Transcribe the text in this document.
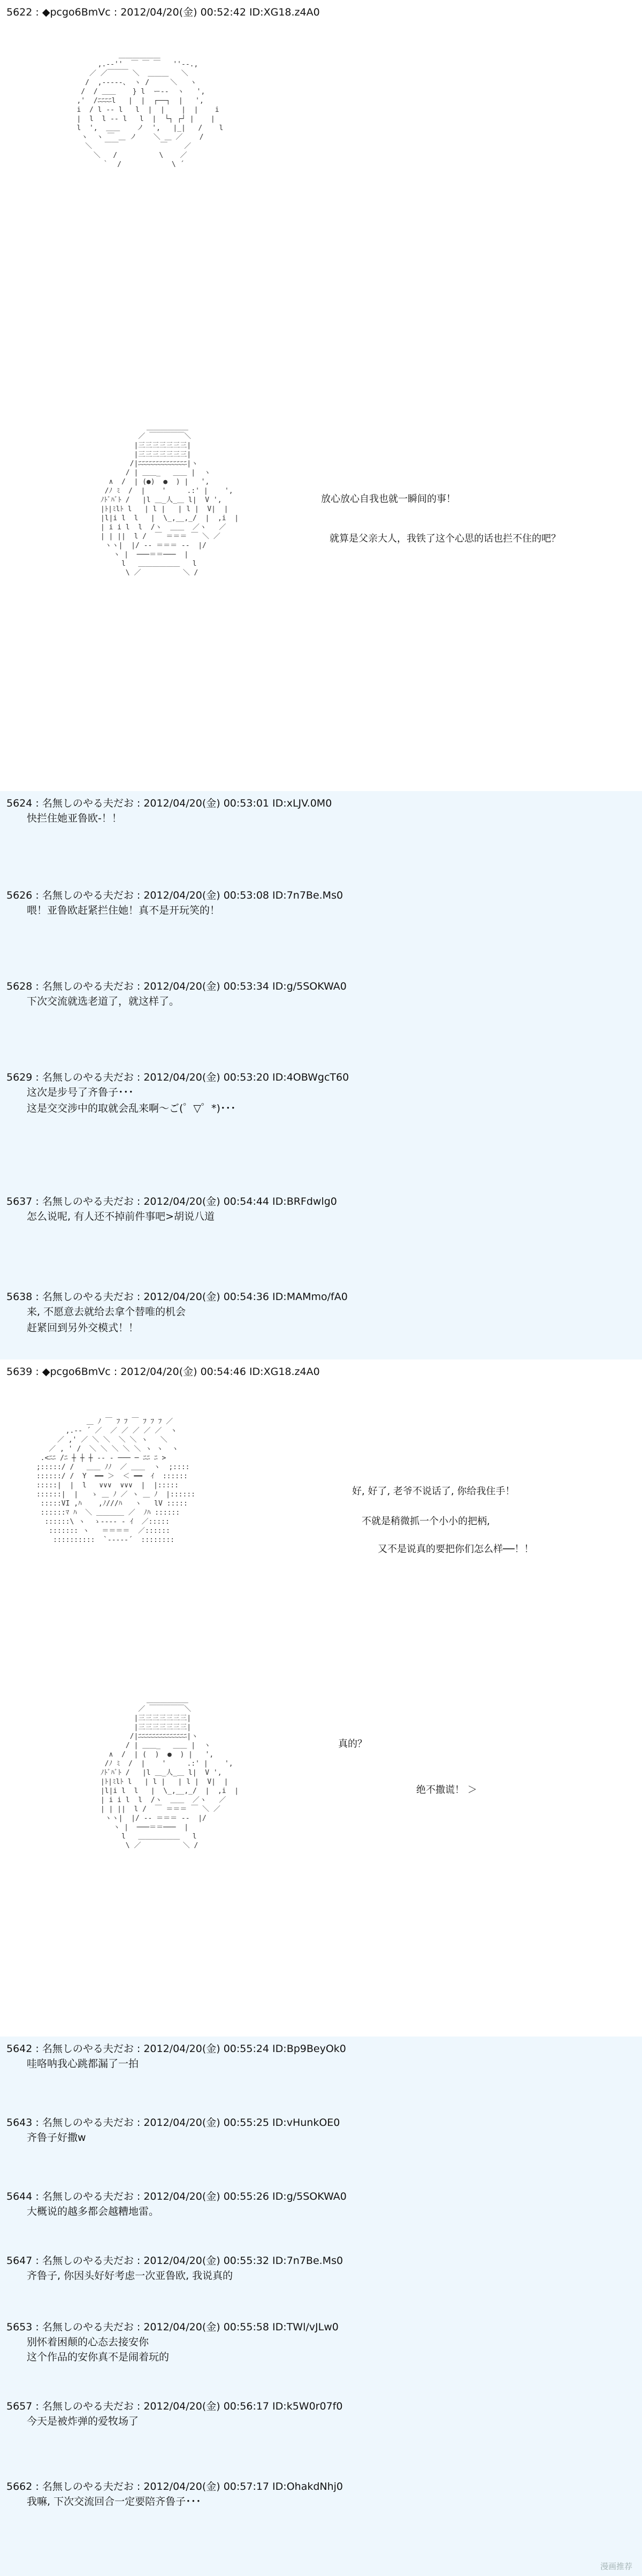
5622 : ◆pcgo6BmVc : 2012/04/20(金) 00:52:42 ID:XG18.z4A0
＿＿＿＿＿＿
,.-‐''  ￣ ￣ ￣   ''‐-.,
／ ／￣￣￣ ＼  ＿＿＿   ＼
/  ,--‐‐-、 ヽ /     ＼   ヽ
/  / ＿＿    } l  ー‐‐  ヽ   ',
,'  /ﾆﾆﾆﾆl   |  |  ┌──┐  |   ',
i  / l ‐‐ l   l  |  |    |  |    i
|  l  l ‐‐ l   l  |  └┐ ┌┘ |    |
l  ',  ＿＿    ノ  ',   |_|   /    l
ヽ  ヽ ￣ ＿ ノ    ＼ ＿ ／    /
＼   ￣￣          ￣    ／
＼   /          \    ／
｀  /            \ ´
＿＿＿＿＿＿
／ ￣￣￣￣￣＼
|三三三三三三三|
|三三三三三三三|
/|ﾆﾆﾆﾆﾆﾆﾆﾆﾆﾆﾆﾆﾆﾆ|ヽ
/ | ＿＿_   ＿＿ |  ヽ
∧  /  | (●)  ●  ) |   ',
/ﾉ ﾐ  /  |    '     .:' |    ',
ﾉﾄﾞﾊﾞﾄ /   |l ＿_人_＿ l|  V ',
|ﾄ|ﾐlﾄ l   | l |   | l |  V|  |
|l|i l  l   |  \_,__,_/  |  ,i  |
| i i l  l  /ヽ  ＿＿  ／ヽ   ／
| | ||  l /  ￣ ＝＝＝ ￣ ＼ ／
ヽヽ|  |/ ‐‐ ＝＝＝ ‐‐  |/
ヽ |  ───＝＝───  |
l   ＿＿＿＿＿＿   l
\ ／          ＼ /
放心放心自我也就一瞬间的事！
就算是父亲大人，我铁了这个心思的话也拦不住的吧？
5624 : 名無しのやる夫だお : 2012/04/20(金) 00:53:01 ID:xLJV.0M0
快拦住她亚鲁欧-！！
5626 : 名無しのやる夫だお : 2012/04/20(金) 00:53:08 ID:7n7Be.Ms0
喂！亚鲁欧赶紧拦住她！真不是开玩笑的！
5628 : 名無しのやる夫だお : 2012/04/20(金) 00:53:34 ID:g/5SOKWA0
下次交流就选老道了，就这样了。
5629 : 名無しのやる夫だお : 2012/04/20(金) 00:53:20 ID:4OBWgcT60
这次是步号了齐鲁子･･･
这是交交涉中的取就会乱来啊～ご(゜▽゜*)･･･
5637 : 名無しのやる夫だお : 2012/04/20(金) 00:54:44 ID:BRFdwlg0
怎么说呢, 有人还不掉前件事吧>胡说八道
5638 : 名無しのやる夫だお : 2012/04/20(金) 00:54:36 ID:MAMmo/fA0
来, 不愿意去就给去拿个替唯的机会
赶紧回到另外交模式！！
5639 : ◆pcgo6BmVc : 2012/04/20(金) 00:54:46 ID:XG18.z4A0
＿ ﾉ ￣ ﾌ ﾌ ￣ ﾌ ﾌ ﾌ ／
,.-‐ ´ ／  ／ ／ ／ ／ ／  ヽ
／ ,' ／ ＼ ＼  ＼ ＼ ヽ   ＼
／ , ' /  ＼ ＼ ＼ ＼ ＼ ヽ ヽ  ヽ
.<ﾆﾆ /ﾆ ┼ ┼ ┼ ‐‐ ‐ ─── ─ ﾆﾆ ﾆ >
;:::::/ /   ＿＿ ﾉﾉ  ／ ＿＿  ヽ  ;::::
::::::/ /  Y  ━━ ＞  ＜ ━━  ｲ  ::::::
:::::|  |  l   ∨∨∨  ∨∨∨  |  |:::::
::::::|  |   ゝ ＿ ﾉ ／ ヽ ＿ ﾉ  |::::::
:::::VI ,ﾊ    ,ﾉ///ﾊ   ヽ   lV :::::
::::::ﾏ ﾊ  ＼ ＿＿＿＿ ／  ﾉﾊ ::::::
::::::\ ヽ  ゝ‐‐‐‐ ‐ ｲ  ／:::::
::::::: ヽ   ＝＝＝＝  ／::::::
::::::::::  `‐‐‐‐‐´  ::::::::
好, 好了, 老爷不说话了, 你给我住手！
不就是稍微抓一个小小的把柄,
又不是说真的要把你们怎么样──！！
＿＿＿＿＿＿
／ ￣￣￣￣￣＼
|三三三三三三三|
|三三三三三三三|
/|ﾆﾆﾆﾆﾆﾆﾆﾆﾆﾆﾆﾆﾆﾆ|ヽ
/ | ＿＿_   ＿＿ |  ヽ
∧  /  | (  )  ●  ) |   ',
/ﾉ ﾐ  /  |    '     .:' |    ',
ﾉﾄﾞﾊﾞﾄ /   |l ＿_人_＿ l|  V ',
|ﾄ|ﾐlﾄ l   | l |   | l |  V|  |
|l|i l  l   |  \_,__,_/  |  ,i  |
| i i l  l  /ヽ  ＿＿  ／ヽ   ／
| | ||  l /  ￣ ＝＝＝ ￣ ＼ ／
ヽヽ|  |/ ‐‐ ＝＝＝ ‐‐  |/
ヽ |  ───＝＝───  |
l   ＿＿＿＿＿＿   l
\ ／          ＼ /
真的？
绝不撒谎！ ＞
5642 : 名無しのやる夫だお : 2012/04/20(金) 00:55:24 ID:Bp9BeyOk0
哇咯呐我心跳都漏了一拍
5643 : 名無しのやる夫だお : 2012/04/20(金) 00:55:25 ID:vHunkOE0
齐鲁子好撒w
5644 : 名無しのやる夫だお : 2012/04/20(金) 00:55:26 ID:g/5SOKWA0
大概说的越多都会越糟地雷。
5647 : 名無しのやる夫だお : 2012/04/20(金) 00:55:32 ID:7n7Be.Ms0
齐鲁子, 你因头好好考虑一次亚鲁欧, 我说真的
5653 : 名無しのやる夫だお : 2012/04/20(金) 00:55:58 ID:TWl/vJLw0
别怀着困颠的心态去接安你
这个作品的安你真不是闹着玩的
5657 : 名無しのやる夫だお : 2012/04/20(金) 00:56:17 ID:k5W0r07f0
今天是被炸弹的爱牧场了
5662 : 名無しのやる夫だお : 2012/04/20(金) 00:57:17 ID:OhakdNhj0
我嘛, 下次交流回合一定要陪齐鲁子･･･
漫画推荐
